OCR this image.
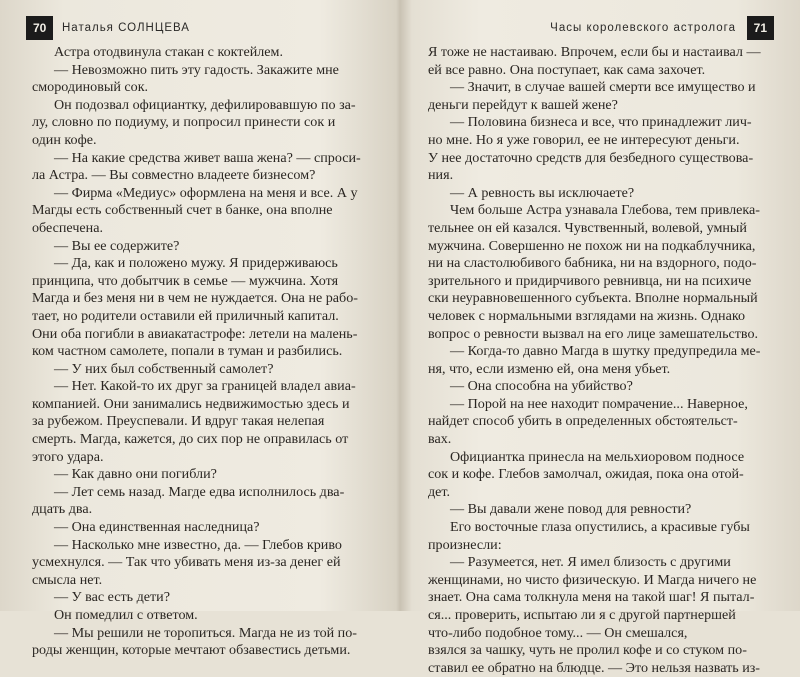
70	Наталья СОЛНЦЕВА
Астра отодвинула стакан с коктейлем.
— Невозможно пить эту гадость. Закажите мне
смородиновый сок.
Он подозвал официантку, дефилировавшую по за-
лу, словно по подиуму, и попросил принести сок и
один кофе.
— На какие средства живет ваша жена? — спроси-
ла Астра. — Вы совместно владеете бизнесом?
— Фирма «Медиус» оформлена на меня и все. А у
Магды есть собственный счет в банке, она вполне
обеспечена.
— Вы ее содержите?
— Да, как и положено мужу. Я придерживаюсь
принципа, что добытчик в семье — мужчина. Хотя
Магда и без меня ни в чем не нуждается. Она не рабо-
тает, но родители оставили ей приличный капитал.
Они оба погибли в авиакатастрофе: летели на малень-
ком частном самолете, попали в туман и разбились.
— У них был собственный самолет?
— Нет. Какой-то их друг за границей владел авиа-
компанией. Они занимались недвижимостью здесь и
за рубежом. Преуспевали. И вдруг такая нелепая
смерть. Магда, кажется, до сих пор не оправилась от
этого удара.
— Как давно они погибли?
— Лет семь назад. Магде едва исполнилось два-
дцать два.
— Она единственная наследница?
— Насколько мне известно, да. — Глебов криво
усмехнулся. — Так что убивать меня из-за денег ей
смысла нет.
— У вас есть дети?
Он помедлил с ответом.
— Мы решили не торопиться. Магда не из той по-
роды женщин, которые мечтают обзавестись детьми.
Часы королевского астролога	71
Я тоже не настаиваю. Впрочем, если бы и настаивал —
ей все равно. Она поступает, как сама захочет.
— Значит, в случае вашей смерти все имущество и
деньги перейдут к вашей жене?
— Половина бизнеса и все, что принадлежит лич-
но мне. Но я уже говорил, ее не интересуют деньги.
У нее достаточно средств для безбедного существова-
ния.
— А ревность вы исключаете?
Чем больше Астра узнавала Глебова, тем привлека-
тельнее он ей казался. Чувственный, волевой, умный
мужчина. Совершенно не похож ни на подкаблучника,
ни на сластолюбивого бабника, ни на вздорного, подо-
зрительного и придирчивого ревнивца, ни на психиче
ски неуравновешенного субъекта. Вполне нормальный
человек с нормальными взглядами на жизнь. Однако
вопрос о ревности вызвал на его лице замешательство.
— Когда-то давно Магда в шутку предупредила ме-
ня, что, если изменю ей, она меня убьет.
— Она способна на убийство?
— Порой на нее находит помрачение... Наверное,
найдет способ убить в определенных обстоятельст-
вах.
Официантка принесла на мельхиоровом подносе
сок и кофе. Глебов замолчал, ожидая, пока она отой-
дет.
— Вы давали жене повод для ревности?
Его восточные глаза опустились, а красивые губы
произнесли:
— Разумеется, нет. Я имел близость с другими
женщинами, но чисто физическую. И Магда ничего не
знает. Она сама толкнула меня на такой шаг! Я пытал-
ся... проверить, испытаю ли я с другой партнершей
что-либо подобное тому... — Он смешался,
взялся за чашку, чуть не пролил кофе и со стуком по-
ставил ее обратно на блюдце. — Это нельзя назвать из-
